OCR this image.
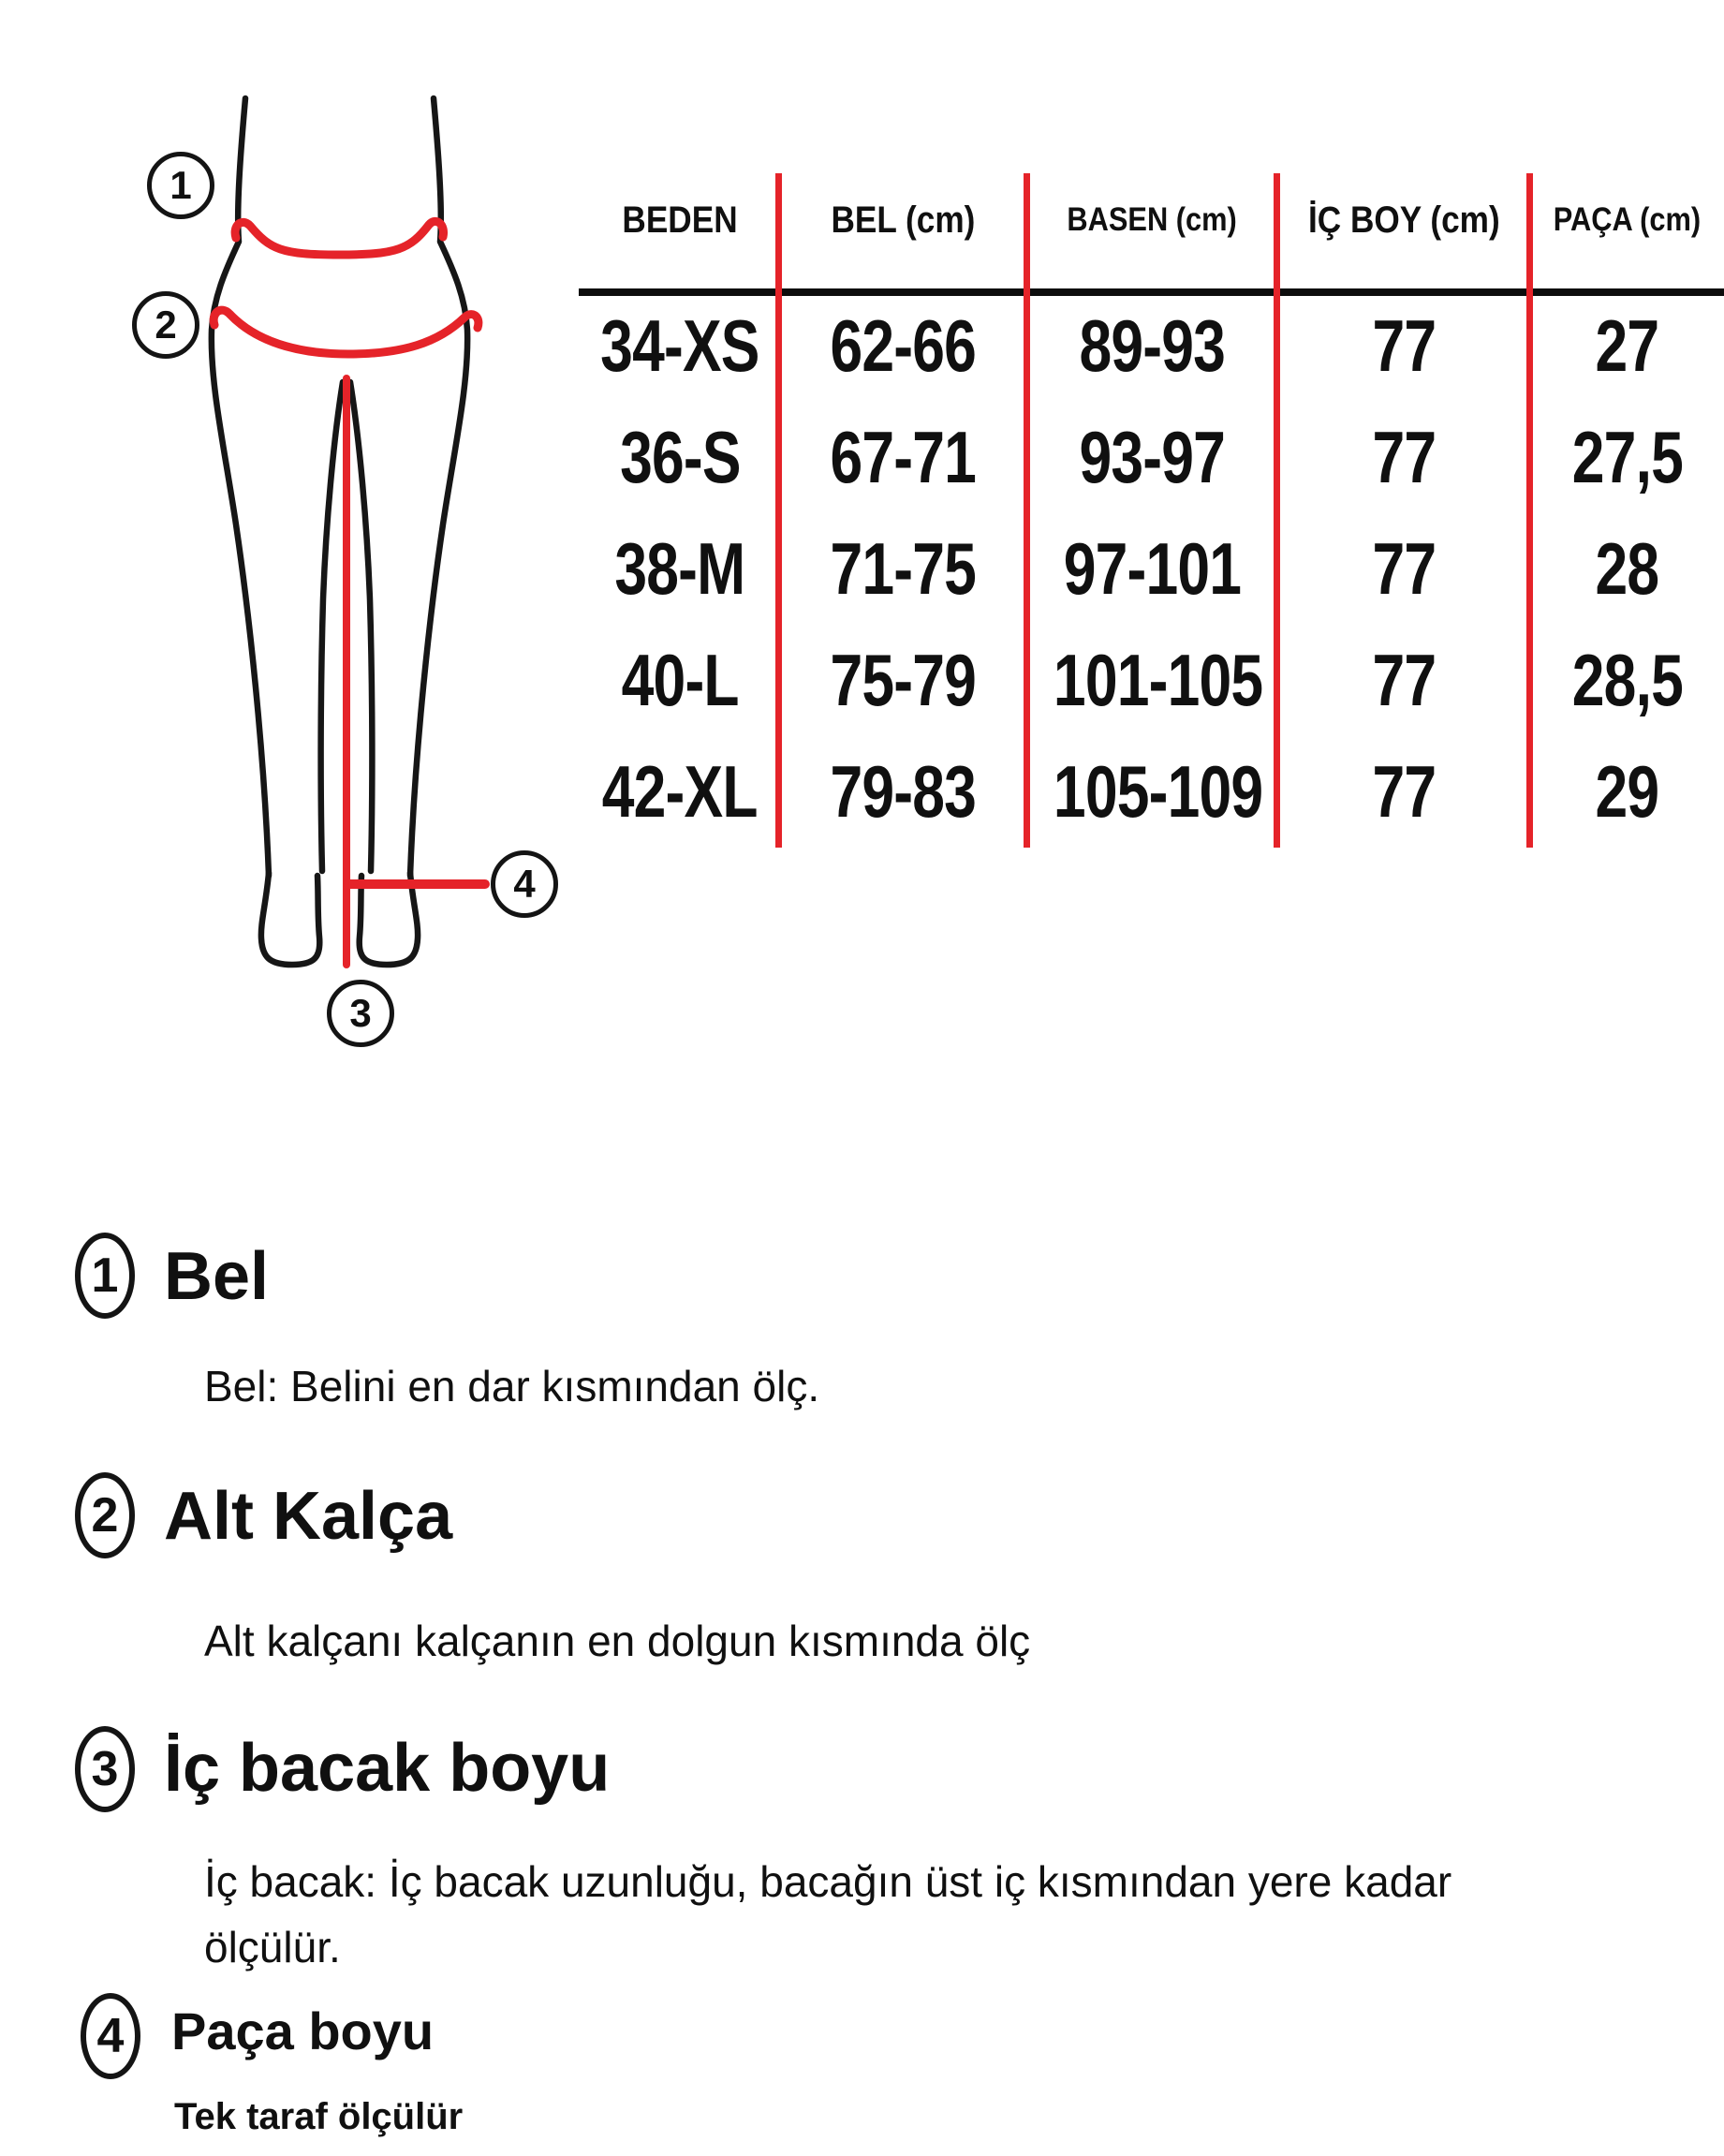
1
2
3
4
BEDEN	BEL (cm)	BASEN (cm)	İÇ BOY (cm)	PAÇA (cm)
34-XS 62-66	89-93	77	27
36-S	67-71	93-97	77	27,5
38-M	71-75	97-101	77	28
40-L	75-79	101-105	77	28,5
42-XL 79-83	105-109	77	29
1 Bel

Bel: Belini en dar kısmından ölç.

2 Alt Kalça

Alt kalçanı kalçanın en dolgun kısmında ölç

3 İç bacak boyu

İç bacak: İç bacak uzunluğu, bacağın üst iç kısmından yere kadar ölçülür.

4 Paça boyu

Tek taraf ölçülür
